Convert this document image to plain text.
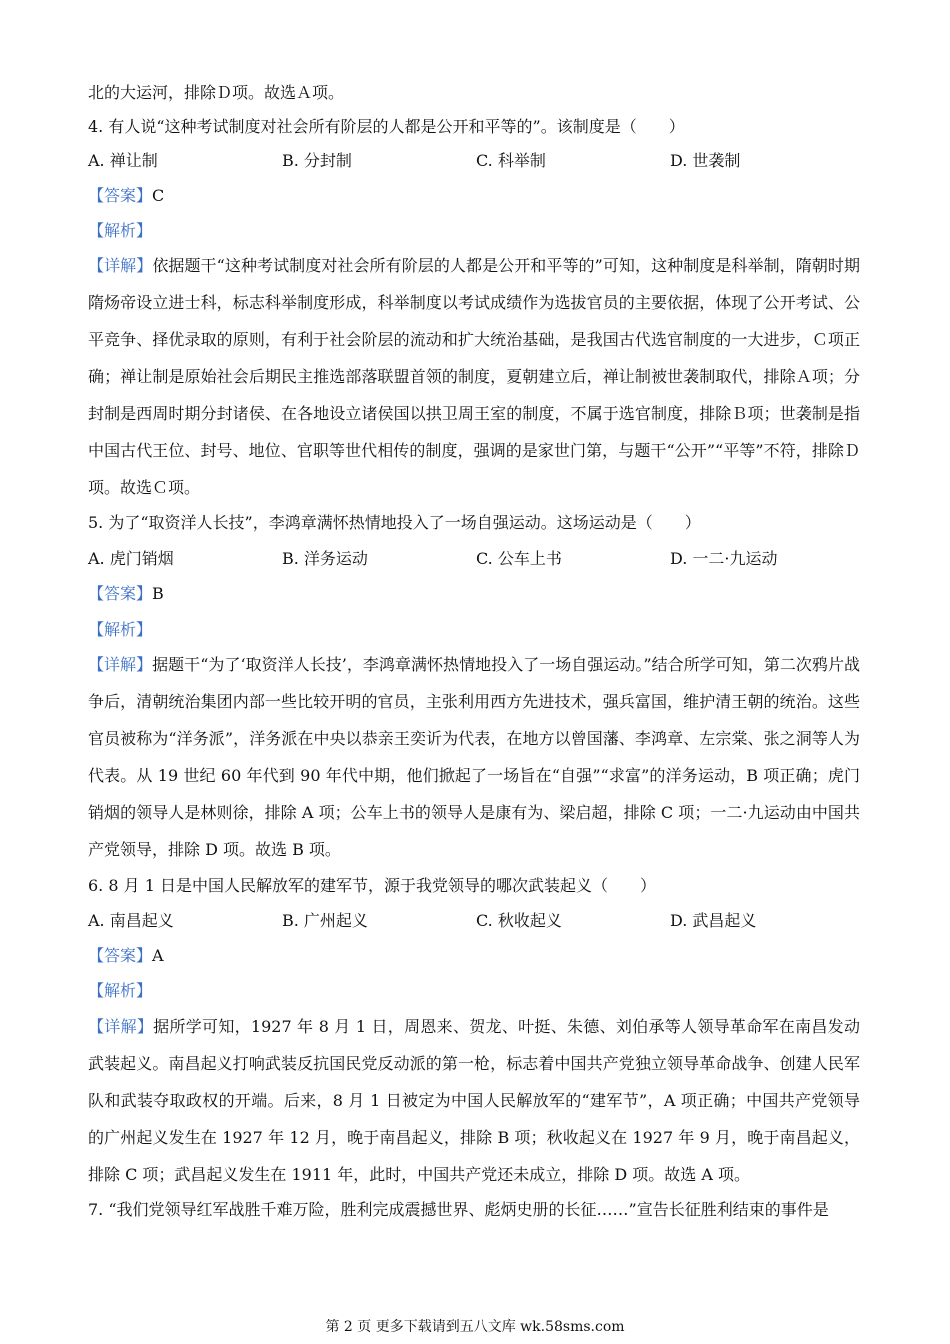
北的大运河，排除Ｄ项。故选Ａ项。
4. 有人说“这种考试制度对社会所有阶层的人都是公开和平等的”。该制度是（　　）
A. 禅让制	B. 分封制	C. 科举制	D. 世袭制
【答案】C
【解析】
【详解】依据题干“这种考试制度对社会所有阶层的人都是公开和平等的”可知，这种制度是科举制，隋朝时期隋炀帝设立进士科，标志科举制度形成，科举制度以考试成绩作为选拔官员的主要依据，体现了公开考试、公平竞争、择优录取的原则，有利于社会阶层的流动和扩大统治基础，是我国古代选官制度的一大进步，Ｃ项正确；禅让制是原始社会后期民主推选部落联盟首领的制度，夏朝建立后，禅让制被世袭制取代，排除Ａ项；分封制是西周时期分封诸侯、在各地设立诸侯国以拱卫周王室的制度，不属于选官制度，排除Ｂ项；世袭制是指中国古代王位、封号、地位、官职等世代相传的制度，强调的是家世门第，与题干“公开”“平等”不符，排除Ｄ项。故选Ｃ项。
5. 为了“取资洋人长技”，李鸿章满怀热情地投入了一场自强运动。这场运动是（　　）
A. 虎门销烟	B. 洋务运动	C. 公车上书	D. 一二·九运动
【答案】B
【解析】
【详解】据题干“为了‘取资洋人长技’，李鸿章满怀热情地投入了一场自强运动。”结合所学可知，第二次鸦片战争后，清朝统治集团内部一些比较开明的官员，主张利用西方先进技术，强兵富国，维护清王朝的统治。这些官员被称为“洋务派”，洋务派在中央以恭亲王奕䜣为代表，在地方以曾国藩、李鸿章、左宗棠、张之洞等人为代表。从 19 世纪 60 年代到 90 年代中期，他们掀起了一场旨在“自强”“求富”的洋务运动，B 项正确；虎门销烟的领导人是林则徐，排除 A 项；公车上书的领导人是康有为、梁启超，排除 C 项；一二·九运动由中国共产党领导，排除 D 项。故选 B 项。
6. 8 月 1 日是中国人民解放军的建军节，源于我党领导的哪次武装起义（　　）
A. 南昌起义	B. 广州起义	C. 秋收起义	D. 武昌起义
【答案】A
【解析】
【详解】据所学可知，1927 年 8 月 1 日，周恩来、贺龙、叶挺、朱德、刘伯承等人领导革命军在南昌发动武装起义。南昌起义打响武装反抗国民党反动派的第一枪，标志着中国共产党独立领导革命战争、创建人民军队和武装夺取政权的开端。后来，8 月 1 日被定为中国人民解放军的“建军节”，A 项正确；中国共产党领导的广州起义发生在 1927 年 12 月，晚于南昌起义，排除 B 项；秋收起义在 1927 年 9 月，晚于南昌起义，排除 C 项；武昌起义发生在 1911 年，此时，中国共产党还未成立，排除 D 项。故选 A 项。
7. “我们党领导红军战胜千难万险，胜利完成震撼世界、彪炳史册的长征……”宣告长征胜利结束的事件是
第 2 页 更多下载请到五八文库 wk.58sms.com
